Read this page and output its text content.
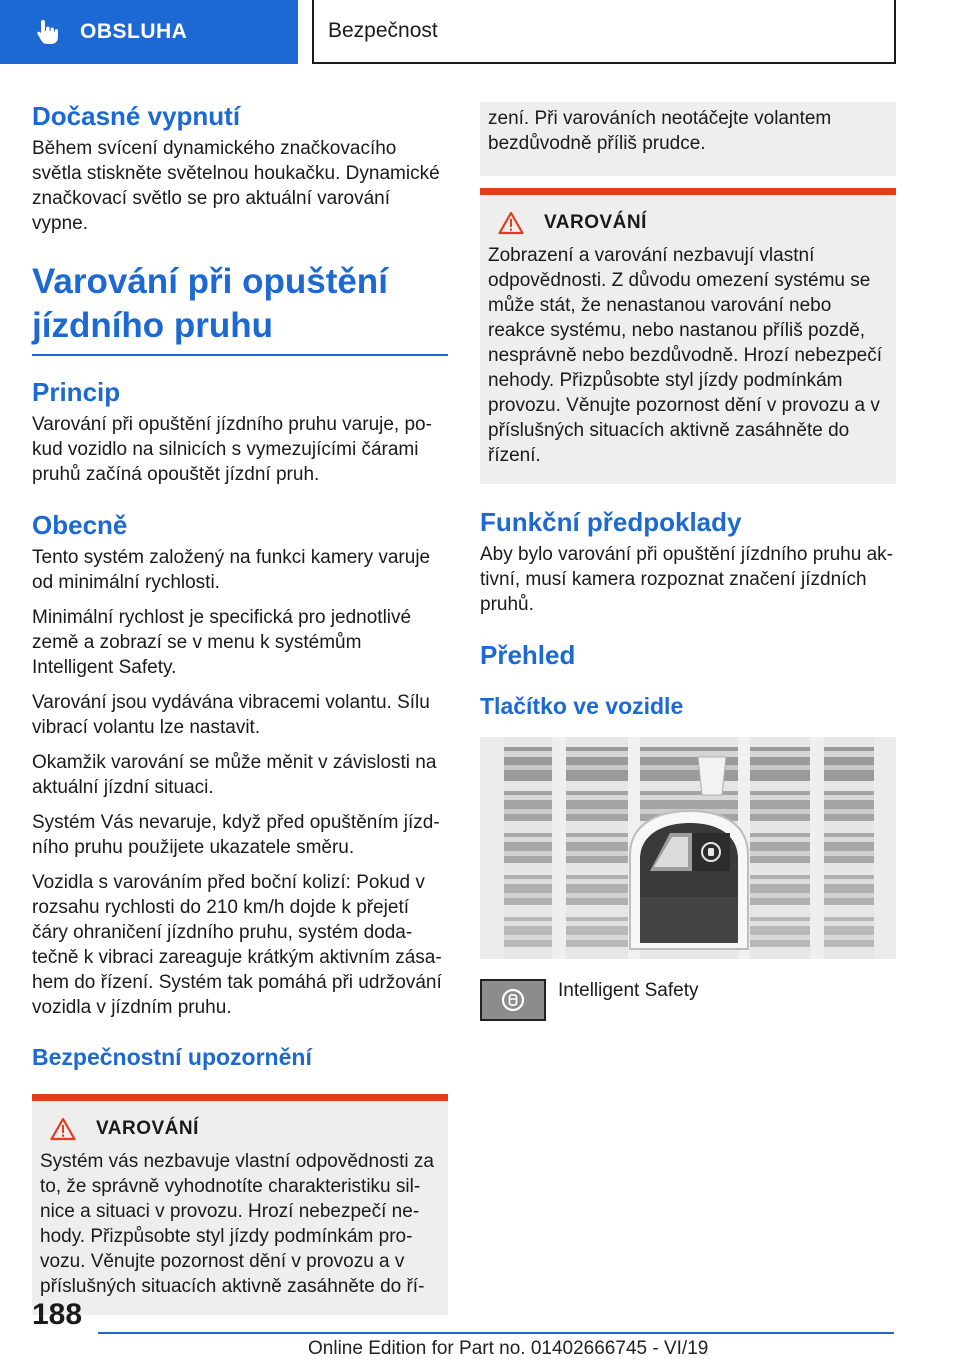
OBSLUHA	Bezpečnost
Dočasné vypnutí

Během svícení dynamického značkovacího světla stiskněte světelnou houkačku. Dynamické značkovací světlo se pro aktuální varování vypne.

Varování při opuštění jízdního pruhu
Princip

Varování při opuštění jízdního pruhu varuje, pokud vozidlo na silnicích s vymezujícími čárami pruhů začíná opouštět jízdní pruh.

Obecně

Tento systém založený na funkci kamery varuje od minimální rychlosti.

Minimální rychlost je specifická pro jednotlivé země a zobrazí se v menu k systémům Intelligent Safety.

Varování jsou vydávána vibracemi volantu. Sílu vibrací volantu lze nastavit.

Okamžik varování se může měnit v závislosti na aktuální jízdní situaci.

Systém Vás nevaruje, když před opuštěním jízdního pruhu použijete ukazatele směru.

Vozidla s varováním před boční kolizí: Pokud v rozsahu rychlosti do 210 km/h dojde k přejetí čáry ohraničení jízdního pruhu, systém dodatečně k vibraci zareaguje krátkým aktivním zásahem do řízení. Systém tak pomáhá při udržování vozidla v jízdním pruhu.

Bezpečnostní upozornění
VAROVÁNÍ

Systém vás nezbavuje vlastní odpovědnosti za to, že správně vyhodnotíte charakteristiku silnice a situaci v provozu. Hrozí nebezpečí nehody. Přizpůsobte styl jízdy podmínkám provozu. Věnujte pozornost dění v provozu a v příslušných situacích aktivně zasáhněte do ří-

zení. Při varováních neotáčejte volantem bezdůvodně příliš prudce.

VAROVÁNÍ

Zobrazení a varování nezbavují vlastní odpovědnosti. Z důvodu omezení systému se může stát, že nenastanou varování nebo reakce systému, nebo nastanou příliš pozdě, nesprávně nebo bezdůvodně. Hrozí nebezpečí nehody. Přizpůsobte styl jízdy podmínkám provozu. Věnujte pozornost dění v provozu a v příslušných situacích aktivně zasáhněte do řízení.

Funkční předpoklady

Aby bylo varování při opuštění jízdního pruhu aktivní, musí kamera rozpoznat značení jízdních pruhů.

Přehled
Tlačítko ve vozidle
Intelligent Safety
188
Online Edition for Part no. 01402666745 - VI/19
